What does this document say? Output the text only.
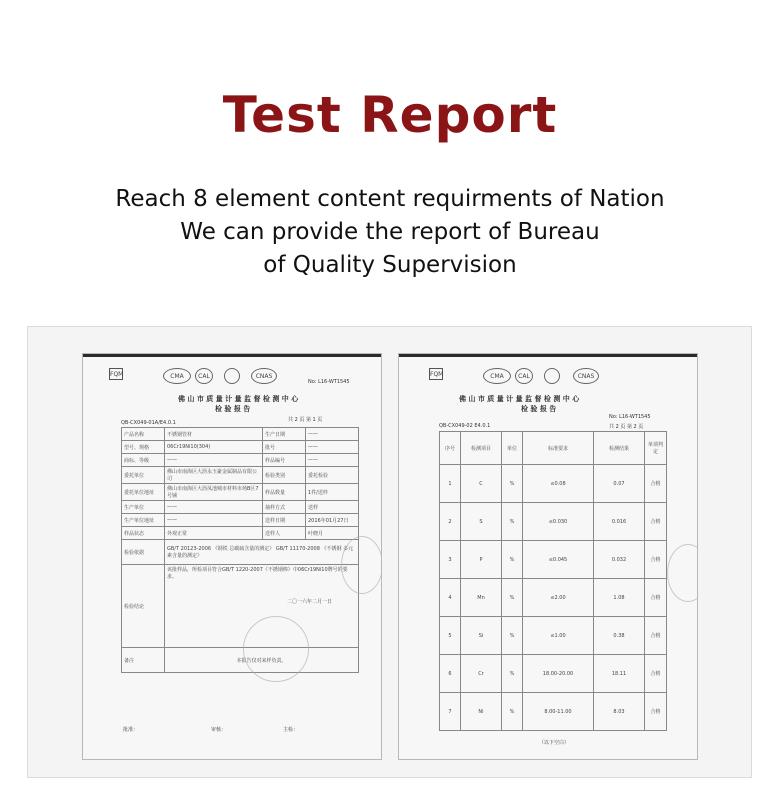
Test Report
Reach 8 element content requirments of Nation
We can provide the report of Bureau
of Quality Supervision
FQM	CMA	CAL	CNAS
No: L16-WT1545
佛 山 市 质 量 计 量 监 督 检 测 中 心
检 验 报 告
共 2 页 第 1 页
QB-CX049-01A/E4.0.1
产品名称	不锈钢管材	生产日期	——
型号、规格	06Cr19Ni10(304)	批号	——
商标、等级	——	样品编号	——
委托单位	佛山市南海区大沥永玉豪金属制品有限公司	检验类别	委托检验
委托单位地址	佛山市南海区大沥凤池城市材料市场B区7号铺	样品数量	1件/送样
生产单位	——	抽样方式	送样
生产单位地址	——	送样日期	2016年01月27日
样品状态	外观正常	送样人	叶晓月
检验依据	GB/T 20123-2006 《钢铁 总碳硫含量的测定》 GB/T 11170-2008 《不锈钢 多元素含量的测定》		
检验结论	该批样品，所检项目符合GB/T 1220-2007《不锈钢棒》中06Cr19Ni10牌号的要求。

二〇一六年二月一日		
备注	本报告仅对来样负责。		
批准：	审核：	主检：
FQM	CMA	CAL	CNAS
No: L16-WT1545
佛 山 市 质 量 计 量 监 督 检 测 中 心
检 验 报 告
共 2 页 第 2 页
QB-CX049-02 E4.0.1
序号	检测项目	单位	标准要求	检测结果	单项判定
1	C	%	≤0.08	0.07	合格
2	S	%	≤0.030	0.016	合格
3	P	%	≤0.045	0.032	合格
4	Mn	%	≤2.00	1.08	合格
5	Si	%	≤1.00	0.38	合格
6	Cr	%	18.00-20.00	18.11	合格
7	Ni	%	8.00-11.00	8.03	合格
（以下空白）
